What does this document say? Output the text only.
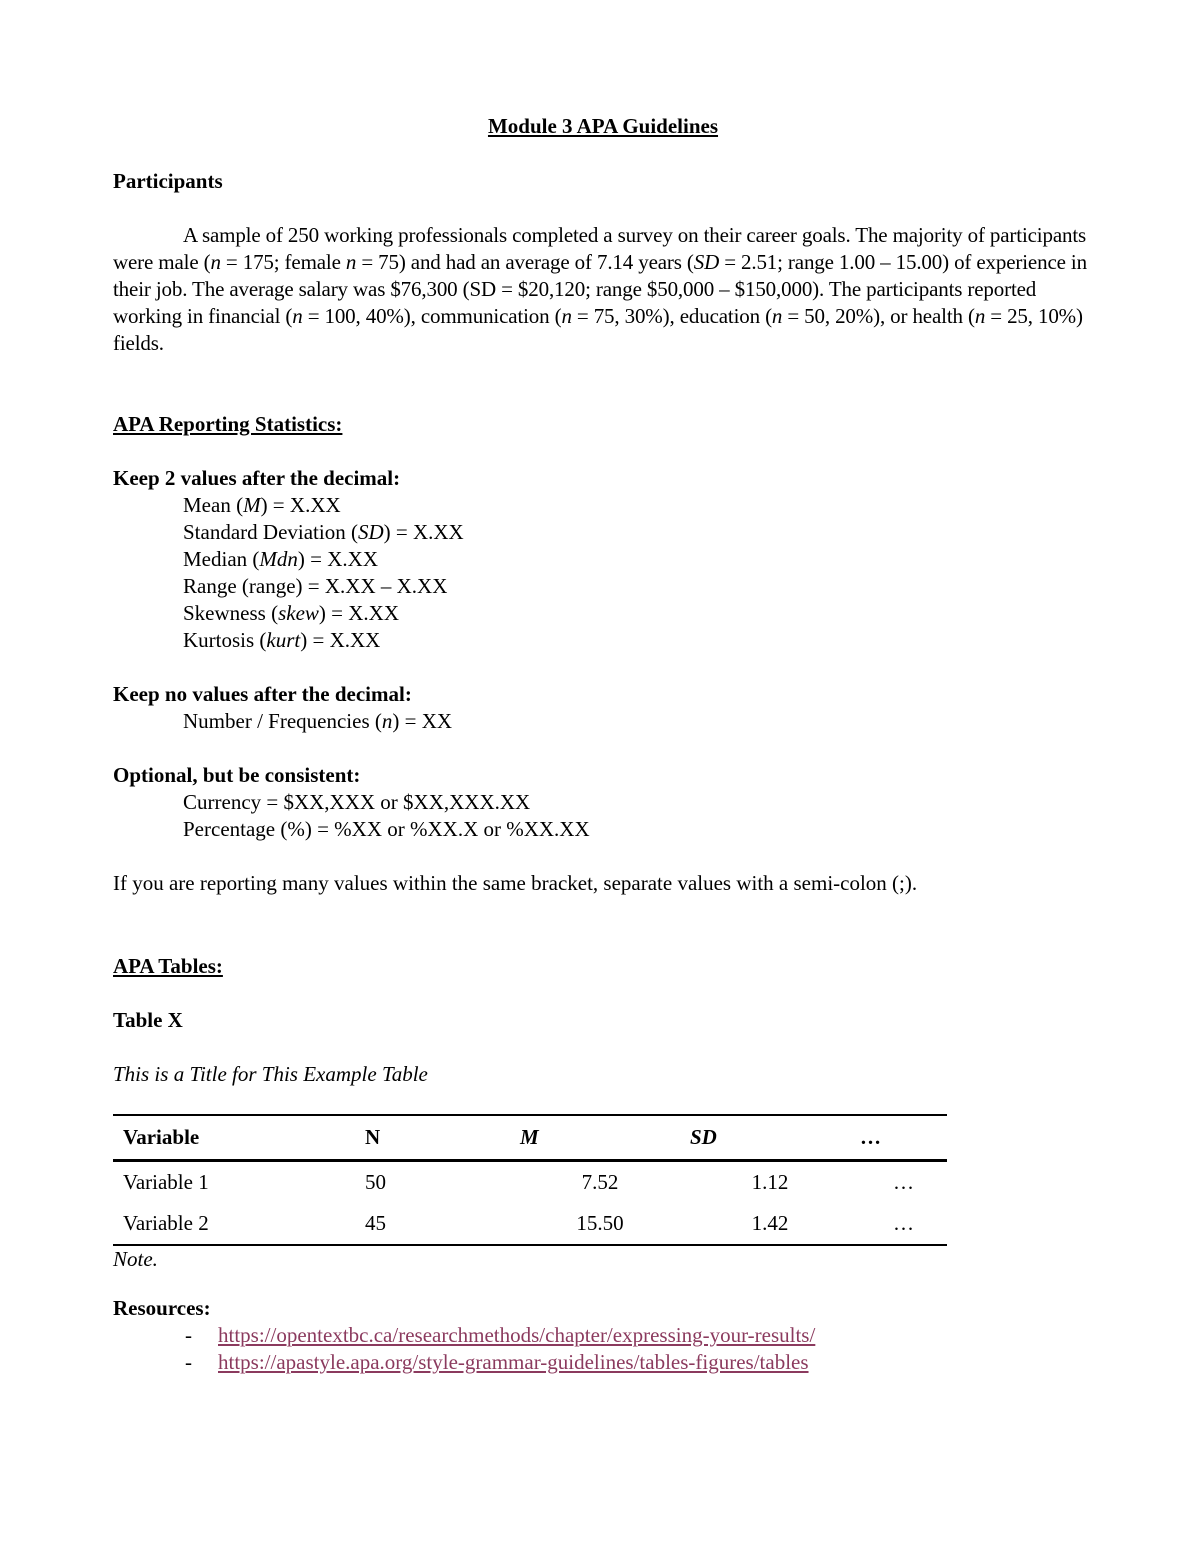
Module 3 APA Guidelines
Participants

A sample of 250 working professionals completed a survey on their career goals. The majority of participants were male (n = 175; female n = 75) and had an average of 7.14 years (SD = 2.51; range 1.00 – 15.00) of experience in their job. The average salary was $76,300 (SD = $20,120; range $50,000 – $150,000). The participants reported working in financial (n = 100, 40%), communication (n = 75, 30%), education (n = 50, 20%), or health (n = 25, 10%) fields.

APA Reporting Statistics:
Keep 2 values after the decimal:

Mean (M) = X.XX

Standard Deviation (SD) = X.XX

Median (Mdn) = X.XX

Range (range) = X.XX – X.XX

Skewness (skew) = X.XX

Kurtosis (kurt) = X.XX

Keep no values after the decimal:

Number / Frequencies (n) = XX

Optional, but be consistent:

Currency = $XX,XXX or $XX,XXX.XX

Percentage (%) = %XX or %XX.X or %XX.XX

If you are reporting many values within the same bracket, separate values with a semi-colon (;).

APA Tables:
Table X

This is a Title for This Example Table

Variable	N	M	SD	…
Variable 1	50	7.52	1.12	…
Variable 2	45	15.50	1.42	…

Note.

Resources:
- https://opentextbc.ca/researchmethods/chapter/expressing-your-results/
- https://apastyle.apa.org/style-grammar-guidelines/tables-figures/tables
